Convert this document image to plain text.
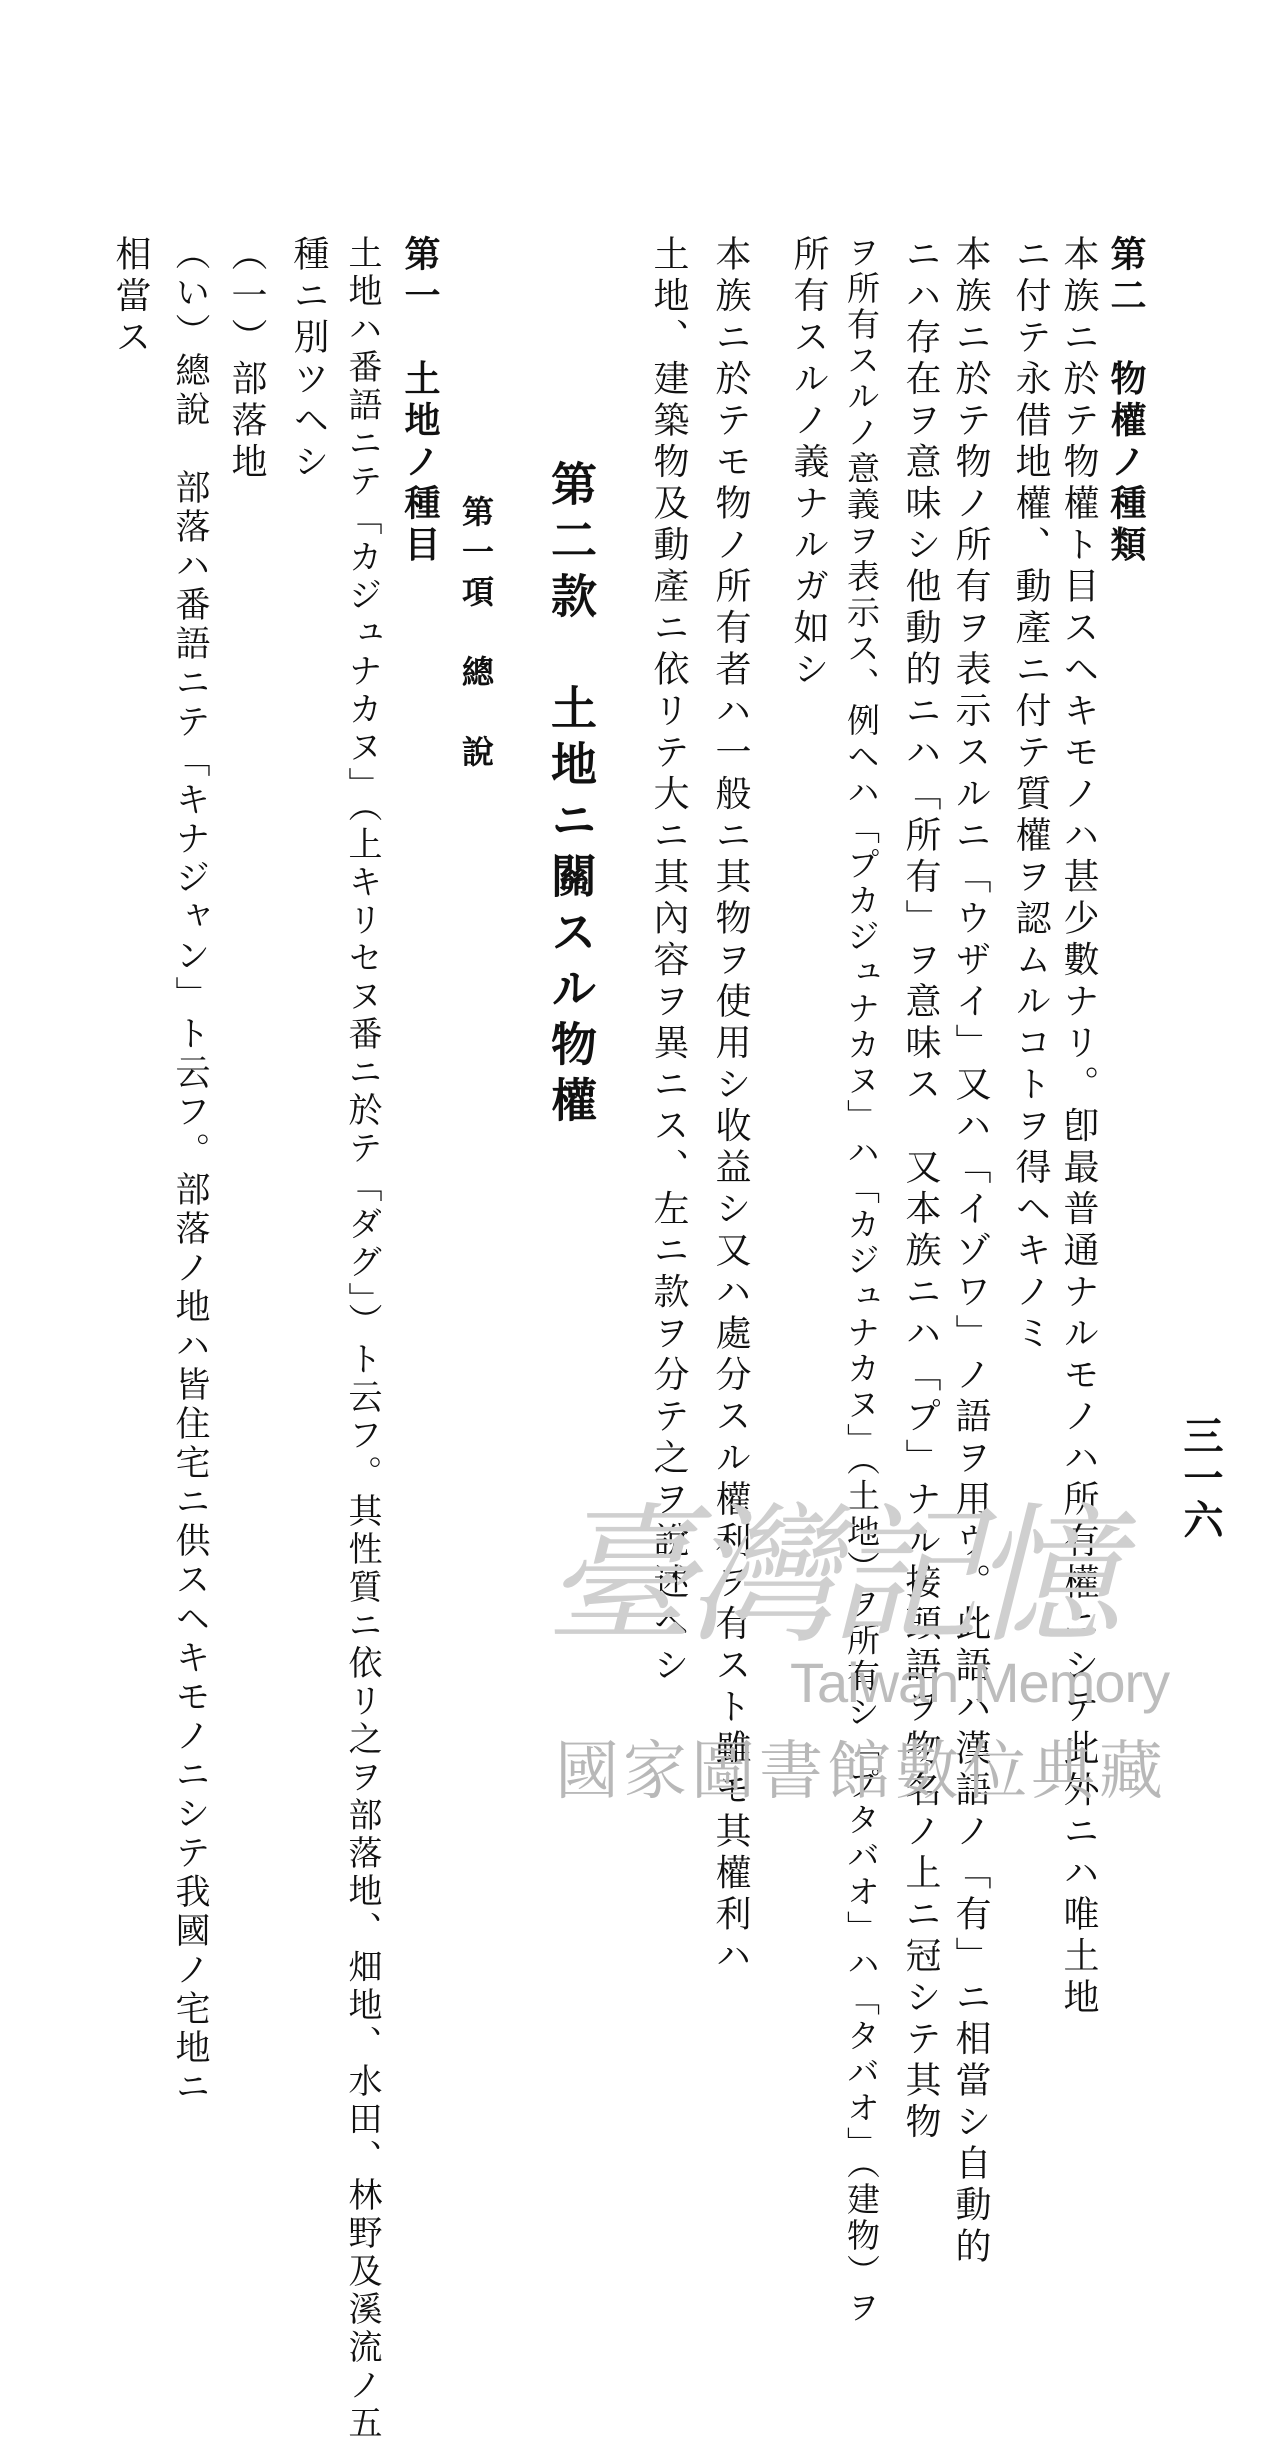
三一六
第二　物權ノ種類
本族ニ於テ物權ト目スヘキモノハ甚少數ナリ。卽最普通ナルモノハ所有權ニシテ此外ニハ唯土地
ニ付テ永借地權、動產ニ付テ質權ヲ認ムルコトヲ得ヘキノミ
本族ニ於テ物ノ所有ヲ表示スルニ「ウザイ」又ハ「イゾワ」ノ語ヲ用ウ。此語ハ漢語ノ「有」ニ相當シ自動的
ニハ存在ヲ意味シ他動的ニハ「所有」ヲ意味ス　又本族ニハ「プ」ナル接頭語ヲ物名ノ上ニ冠シテ其物
ヲ所有スルノ意義ヲ表示ス、例ヘハ「プカジュナカヌ」ハ「カジュナカヌ」（土地）ヲ所有シ「プタバオ」ハ「タバオ」（建物）ヲ
所有スルノ義ナルガ如シ
本族ニ於テモ物ノ所有者ハ一般ニ其物ヲ使用シ收益シ又ハ處分スル權利ヲ有スト雖モ其權利ハ
土地、建築物及動產ニ依リテ大ニ其內容ヲ異ニス、左ニ款ヲ分テ之ヲ說述ヘシ
第二款　土地ニ關スル物權
第一項　總　說
第一　土地ノ種目
土地ハ番語ニテ「カジュナカヌ」（上キリセヌ番ニ於テ「ダグ」）ト云フ。其性質ニ依リ之ヲ部落地、畑地、水田、林野及溪流ノ五
種ニ別ツヘシ
（一）部落地
（い）總說　部落ハ番語ニテ「キナジャン」ト云フ。部落ノ地ハ皆住宅ニ供スヘキモノニシテ我國ノ宅地ニ
相當ス
臺灣記憶
Taiwan Memory
國家圖書館數位典藏
